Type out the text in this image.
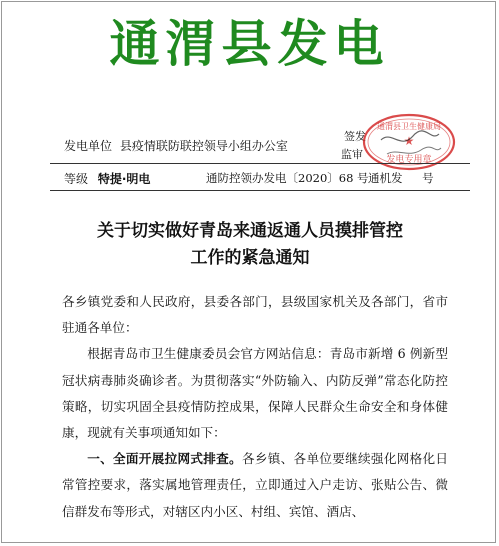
通渭县发电
发电单位 县疫情联防联控领导小组办公室
签发
监审
★
通渭县卫生健康局
发电专用章
等级 特提·明电	通防控领办发电〔2020〕68 号 通机发 号
关于切实做好青岛来通返通人员摸排管控
工作的紧急通知

各乡镇党委和人民政府，县委各部门，县级国家机关及各部门，省市驻通各单位：

根据青岛市卫生健康委员会官方网站信息：青岛市新增 6 例新型冠状病毒肺炎确诊者。为贯彻落实“外防输入、内防反弹”常态化防控策略，切实巩固全县疫情防控成果，保障人民群众生命安全和身体健康，现就有关事项通知如下：

一、全面开展拉网式排查。各乡镇、各单位要继续强化网格化日常管控要求，落实属地管理责任，立即通过入户走访、张贴公告、微信群发布等形式，对辖区内小区、村组、宾馆、酒店、
